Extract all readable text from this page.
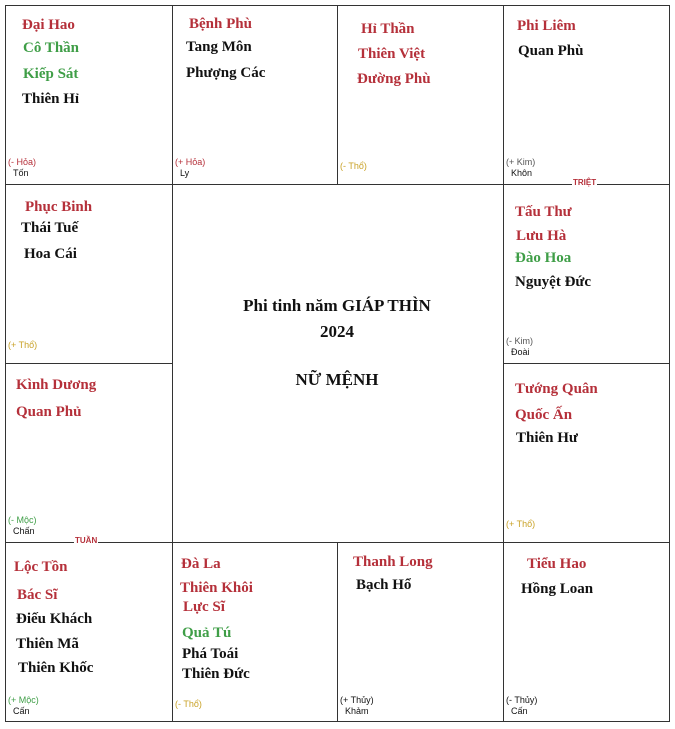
TRIỆT
TUẦN
Đại Hao
Cô Thần
Kiếp Sát
Thiên Hỉ
(- Hỏa)
Tốn
Bệnh Phù
Tang Môn
Phượng Các
(+ Hỏa)
Ly
Hỉ Thần
Thiên Việt
Đường Phù
(- Thổ)
Phi Liêm
Quan Phù
(+ Kim)
Khôn
Phục Binh
Thái Tuế
Hoa Cái
(+ Thổ)
Tấu Thư
Lưu Hà
Đào Hoa
Nguyệt Đức
(- Kim)
Đoài
Kình Dương
Quan Phủ
(- Mộc)
Chấn
Tướng Quân
Quốc Ấn
Thiên Hư
(+ Thổ)
Lộc Tồn
Bác Sĩ
Điếu Khách
Thiên Mã
Thiên Khốc
(+ Mộc)
Cấn
Đà La
Thiên Khôi
Lực Sĩ
Quả Tú
Phá Toái
Thiên Đức
(- Thổ)
Thanh Long
Bạch Hổ
(+ Thủy)
Khảm
Tiểu Hao
Hồng Loan
(- Thủy)
Cấn
Phi tinh năm GIÁP THÌN
2024
NỮ MỆNH
